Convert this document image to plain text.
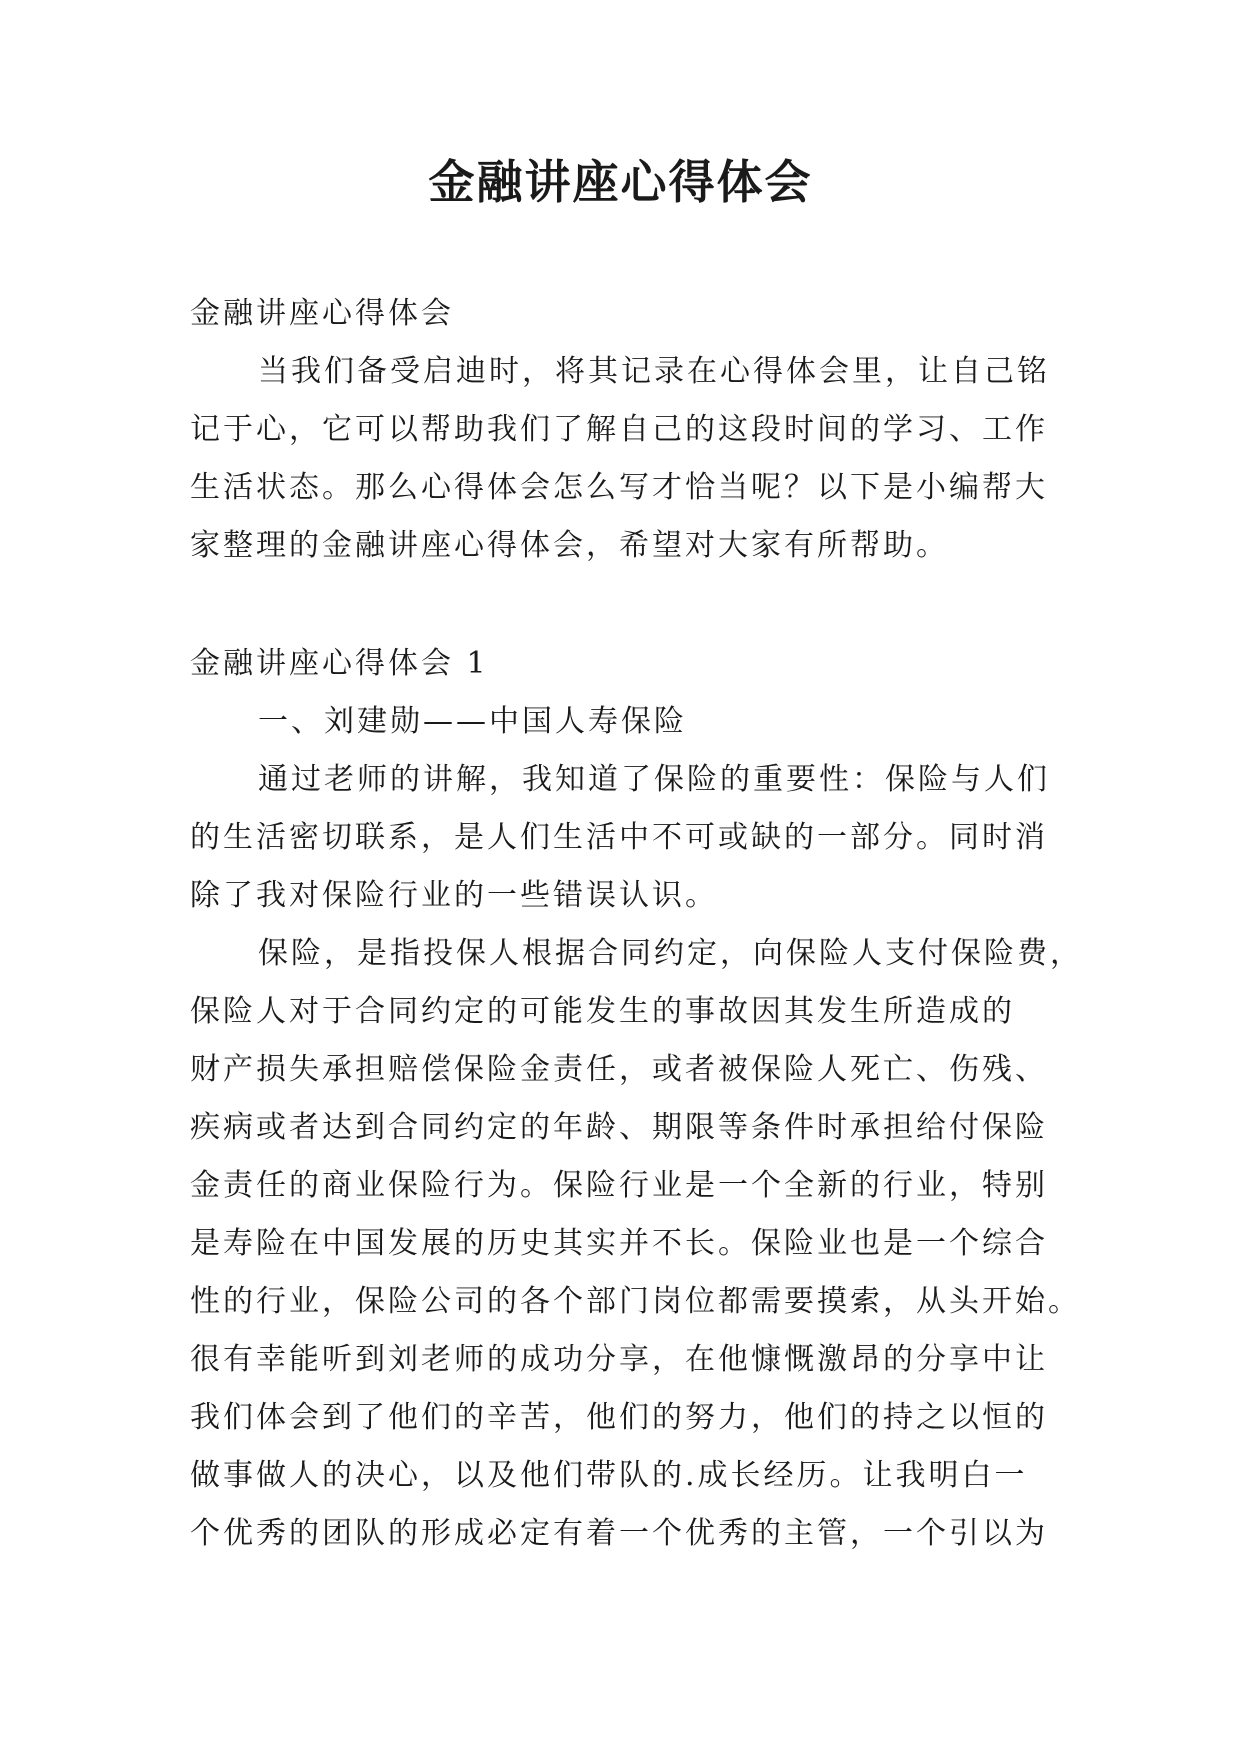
金融讲座心得体会
金融讲座心得体会
当我们备受启迪时，将其记录在心得体会里，让自己铭
记于心，它可以帮助我们了解自己的这段时间的学习、工作
生活状态。那么心得体会怎么写才恰当呢？以下是小编帮大
家整理的金融讲座心得体会，希望对大家有所帮助。
金融讲座心得体会 1
一、刘建勋——中国人寿保险
通过老师的讲解，我知道了保险的重要性：保险与人们
的生活密切联系，是人们生活中不可或缺的一部分。同时消
除了我对保险行业的一些错误认识。
保险，是指投保人根据合同约定，向保险人支付保险费，
保险人对于合同约定的可能发生的事故因其发生所造成的
财产损失承担赔偿保险金责任，或者被保险人死亡、伤残、
疾病或者达到合同约定的年龄、期限等条件时承担给付保险
金责任的商业保险行为。保险行业是一个全新的行业，特别
是寿险在中国发展的历史其实并不长。保险业也是一个综合
性的行业，保险公司的各个部门岗位都需要摸索，从头开始。
很有幸能听到刘老师的成功分享，在他慷慨激昂的分享中让
我们体会到了他们的辛苦，他们的努力，他们的持之以恒的
做事做人的决心，以及他们带队的.成长经历。让我明白一
个优秀的团队的形成必定有着一个优秀的主管，一个引以为
